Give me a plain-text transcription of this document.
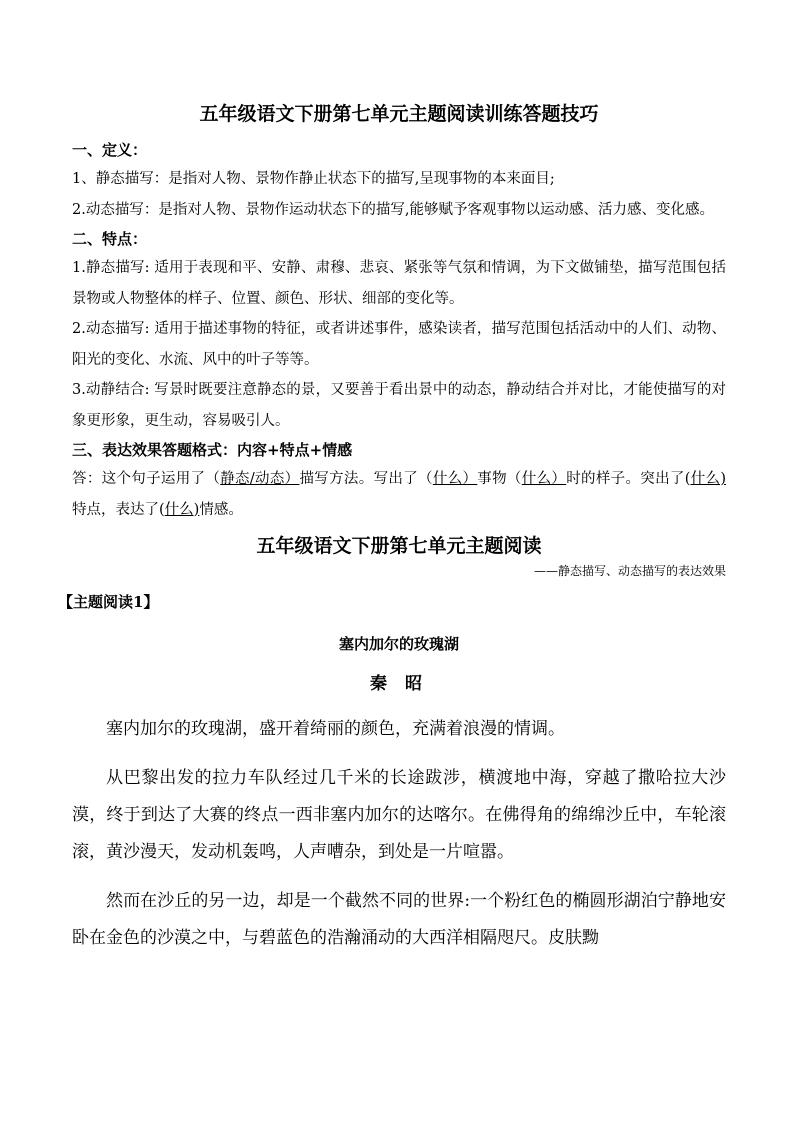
五年级语文下册第七单元主题阅读训练答题技巧

一、定义：

1、静态描写：是指对人物、景物作静止状态下的描写,呈现事物的本来面目;

2.动态描写：是指对人物、景物作运动状态下的描写,能够赋予客观事物以运动感、活力感、变化感。

二、特点：

1.静态描写: 适用于表现和平、安静、肃穆、悲哀、紧张等气氛和情调，为下文做铺垫，描写范围包括景物或人物整体的样子、位置、颜色、形状、细部的变化等。

2.动态描写: 适用于描述事物的特征，或者讲述事件，感染读者，描写范围包括活动中的人们、动物、阳光的变化、水流、风中的叶子等等。

3.动静结合: 写景时既要注意静态的景，又要善于看出景中的动态，静动结合并对比，才能使描写的对象更形象，更生动，容易吸引人。

三、表达效果答题格式：内容+特点+情感

答：这个句子运用了（静态/动态）描写方法。写出了（什么）事物（什么）时的样子。突出了(什么)特点，表达了(什么)情感。

五年级语文下册第七单元主题阅读

——静态描写、动态描写的表达效果

【主题阅读1】

塞内加尔的玫瑰湖

秦 昭

塞内加尔的玫瑰湖，盛开着绮丽的颜色，充满着浪漫的情调。

从巴黎出发的拉力车队经过几千米的长途跋涉，横渡地中海，穿越了撒哈拉大沙漠，终于到达了大赛的终点一西非塞内加尔的达喀尔。在佛得角的绵绵沙丘中，车轮滚滚，黄沙漫天，发动机轰鸣，人声嘈杂，到处是一片喧嚣。

然而在沙丘的另一边，却是一个截然不同的世界:一个粉红色的椭圆形湖泊宁静地安卧在金色的沙漠之中，与碧蓝色的浩瀚涌动的大西洋相隔咫尺。皮肤黝
